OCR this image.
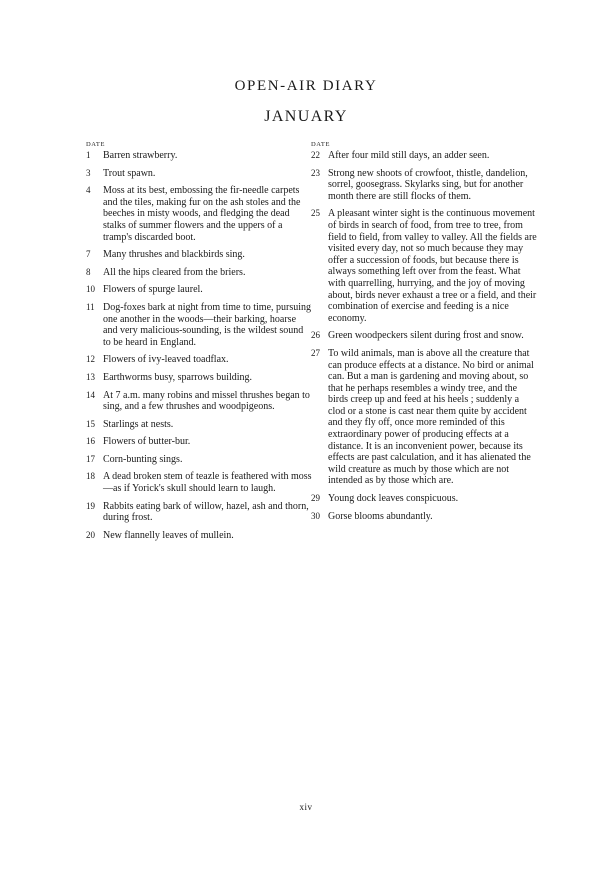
OPEN-AIR DIARY
JANUARY
DATE
1 Barren strawberry.
3 Trout spawn.
4 Moss at its best, embossing the fir-needle carpets and the tiles, making fur on the ash stoles and the beeches in misty woods, and fledging the dead stalks of summer flowers and the uppers of a tramp's discarded boot.
7 Many thrushes and blackbirds sing.
8 All the hips cleared from the briers.
10 Flowers of spurge laurel.
11 Dog-foxes bark at night from time to time, pursuing one another in the woods—their barking, hoarse and very malicious-sounding, is the wildest sound to be heard in England.
12 Flowers of ivy-leaved toadflax.
13 Earthworms busy, sparrows building.
14 At 7 a.m. many robins and missel thrushes began to sing, and a few thrushes and woodpigeons.
15 Starlings at nests.
16 Flowers of butter-bur.
17 Corn-bunting sings.
18 A dead broken stem of teazle is feathered with moss—as if Yorick's skull should learn to laugh.
19 Rabbits eating bark of willow, hazel, ash and thorn, during frost.
20 New flannelly leaves of mullein.
DATE
22 After four mild still days, an adder seen.
23 Strong new shoots of crowfoot, thistle, dandelion, sorrel, goosegrass. Skylarks sing, but for another month there are still flocks of them.
25 A pleasant winter sight is the continuous movement of birds in search of food, from tree to tree, from field to field, from valley to valley. All the fields are visited every day, not so much because they may offer a succession of foods, but because there is always something left over from the feast. What with quarrelling, hurrying, and the joy of moving about, birds never exhaust a tree or a field, and their combination of exercise and feeding is a nice economy.
26 Green woodpeckers silent during frost and snow.
27 To wild animals, man is above all the creature that can produce effects at a distance. No bird or animal can. But a man is gardening and moving about, so that he perhaps resembles a windy tree, and the birds creep up and feed at his heels ; suddenly a clod or a stone is cast near them quite by accident and they fly off, once more reminded of this extraordinary power of producing effects at a distance. It is an inconvenient power, because its effects are past calculation, and it has alienated the wild creature as much by those which are not intended as by those which are.
29 Young dock leaves conspicuous.
30 Gorse blooms abundantly.
xiv
